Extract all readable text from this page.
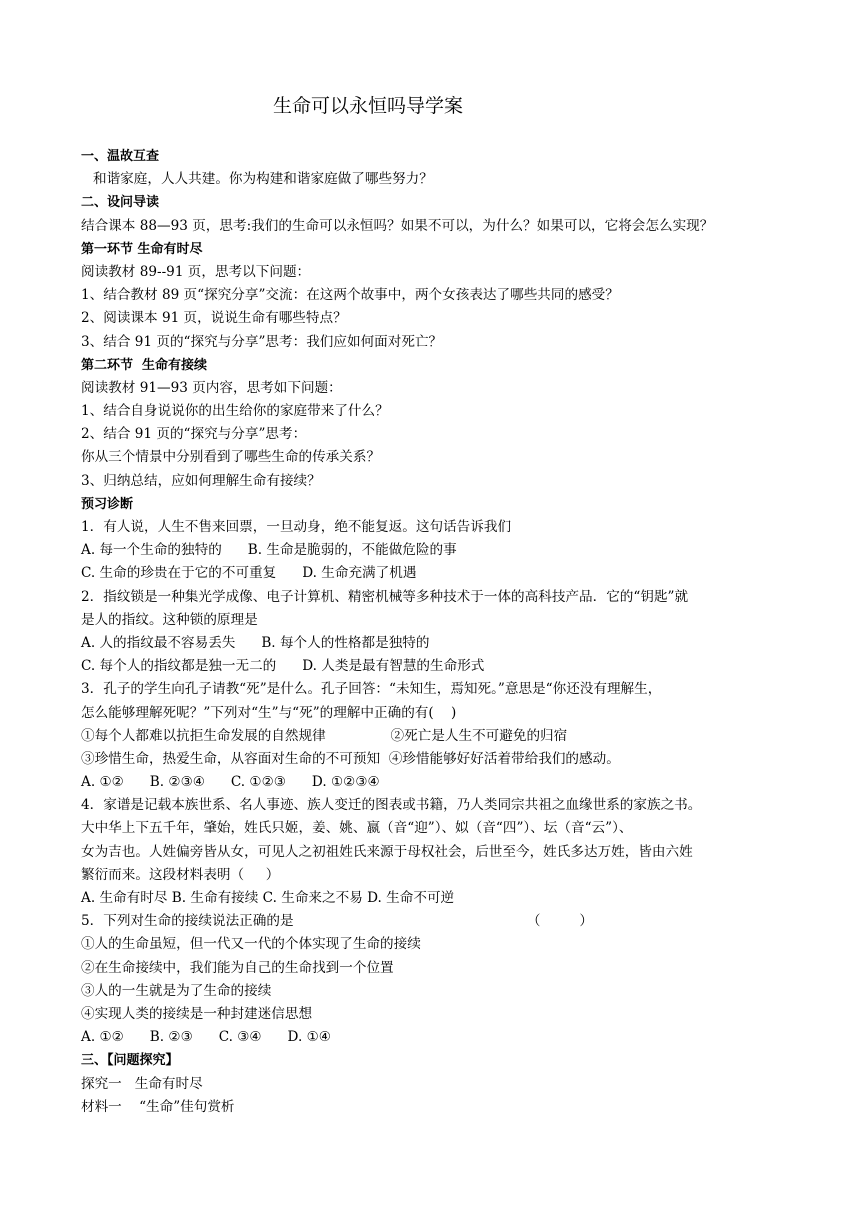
生命可以永恒吗导学案
一、温故互查
和谐家庭，人人共建。你为构建和谐家庭做了哪些努力？
二、设问导读
结合课本 88—93 页，思考:我们的生命可以永恒吗？如果不可以，为什么？如果可以，它将会怎么实现？
第一环节 生命有时尽
阅读教材 89--91 页，思考以下问题：
1、结合教材 89 页“探究分享”交流：在这两个故事中，两个女孩表达了哪些共同的感受？
2、阅读课本 91 页，说说生命有哪些特点？
3、结合 91 页的“探究与分享”思考：我们应如何面对死亡？
第二环节  生命有接续
阅读教材 91—93 页内容，思考如下问题：
1、结合自身说说你的出生给你的家庭带来了什么？
2、结合 91 页的“探究与分享”思考：
你从三个情景中分别看到了哪些生命的传承关系？
3、归纳总结，应如何理解生命有接续？
预习诊断
1．有人说，人生不售来回票，一旦动身，绝不能复返。这句话告诉我们
A. 每一个生命的独特的      B. 生命是脆弱的，不能做危险的事
C. 生命的珍贵在于它的不可重复      D. 生命充满了机遇
2．指纹锁是一种集光学成像、电子计算机、精密机械等多种技术于一体的高科技产品．它的“钥匙”就
是人的指纹。这种锁的原理是
A. 人的指纹最不容易丢失      B. 每个人的性格都是独特的
C. 每个人的指纹都是独一无二的      D. 人类是最有智慧的生命形式
3．孔子的学生向孔子请教“死”是什么。孔子回答：“未知生，焉知死。”意思是“你还没有理解生，
怎么能够理解死呢？”下列对“生”与“死”的理解中正确的有(    )
①每个人都难以抗拒生命发展的自然规律               ②死亡是人生不可避免的归宿
③珍惜生命，热爱生命，从容面对生命的不可预知  ④珍惜能够好好活着带给我们的感动。
A. ①②      B. ②③④      C. ①②③      D. ①②③④
4．家谱是记载本族世系、名人事迹、族人变迁的图表或书籍，乃人类同宗共祖之血缘世系的家族之书。
大中华上下五千年，肇始，姓氏只姬，姜、姚、嬴（音“迎”）、姒（音“四”）、坛（音“云”）、
女为吉也。人姓偏旁皆从女，可见人之初祖姓氏来源于母权社会，后世至今，姓氏多达万姓，皆由六姓
繁衍而来。这段材料表明（     ）
A. 生命有时尽 B. 生命有接续 C. 生命来之不易 D. 生命不可逆
5．下列对生命的接续说法正确的是                                                      （         ）
①人的生命虽短，但一代又一代的个体实现了生命的接续
②在生命接续中，我们能为自己的生命找到一个位置
③人的一生就是为了生命的接续
④实现人类的接续是一种封建迷信思想
A. ①②      B. ②③      C. ③④      D. ①④
三、【问题探究】
探究一   生命有时尽
材料一    “生命”佳句赏析
